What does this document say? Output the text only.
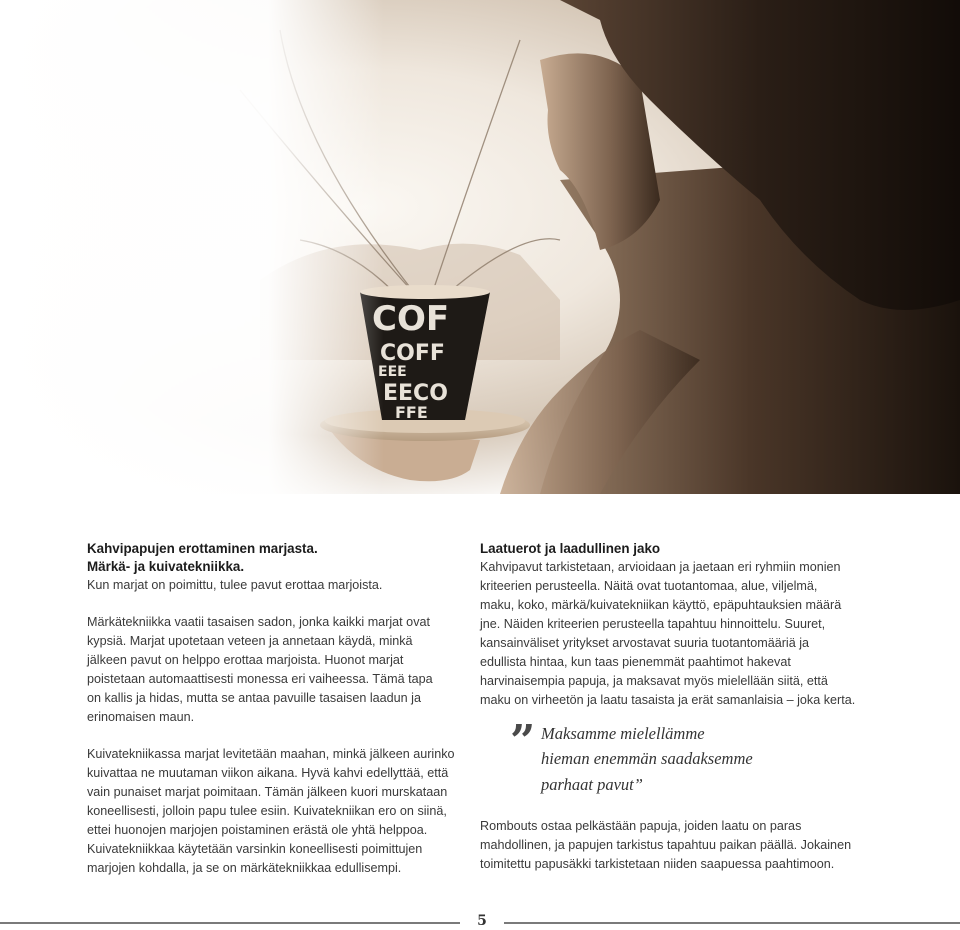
Kahvipapujen erottaminen marjasta.

Märkä- ja kuivatekniikka.

Kun marjat on poimittu, tulee pavut erottaa marjoista.

Märkätekniikka vaatii tasaisen sadon, jonka kaikki marjat ovat
kypsiä. Marjat upotetaan veteen ja annetaan käydä, minkä
jälkeen pavut on helppo erottaa marjoista. Huonot marjat
poistetaan automaattisesti monessa eri vaiheessa. Tämä tapa
on kallis ja hidas, mutta se antaa pavuille tasaisen laadun ja
erinomaisen maun.
Kuivatekniikassa marjat levitetään maahan, minkä jälkeen aurinko
kuivattaa ne muutaman viikon aikana. Hyvä kahvi edellyttää, että
vain punaiset marjat poimitaan. Tämän jälkeen kuori murskataan
koneellisesti, jolloin papu tulee esiin. Kuivatekniikan ero on siinä,
ettei huonojen marjojen poistaminen erästä ole yhtä helppoa.
Kuivatekniikkaa käytetään varsinkin koneellisesti poimittujen
marjojen kohdalla, ja se on märkätekniikkaa edullisempi.

Laatuerot ja laadullinen jako

Kahvipavut tarkistetaan, arvioidaan ja jaetaan eri ryhmiin monien
kriteerien perusteella. Näitä ovat tuotantomaa, alue, viljelmä,
maku, koko, märkä/kuivatekniikan käyttö, epäpuhtauksien määrä
jne. Näiden kriteerien perusteella tapahtuu hinnoittelu. Suuret,
kansainväliset yritykset arvostavat suuria tuotantomääriä ja
edullista hintaa, kun taas pienemmät paahtimot hakevat
harvinaisempia papuja, ja maksavat myös mielellään siitä, että
maku on virheetön ja laatu tasaista ja erät samanlaisia – joka kerta.
” Maksamme mielellämme
hieman enemmän saadaksemme
parhaat pavut”
Rombouts ostaa pelkästään papuja, joiden laatu on paras
mahdollinen, ja papujen tarkistus tapahtuu paikan päällä. Jokainen
toimitettu papusäkki tarkistetaan niiden saapuessa paahtimoon.
5
